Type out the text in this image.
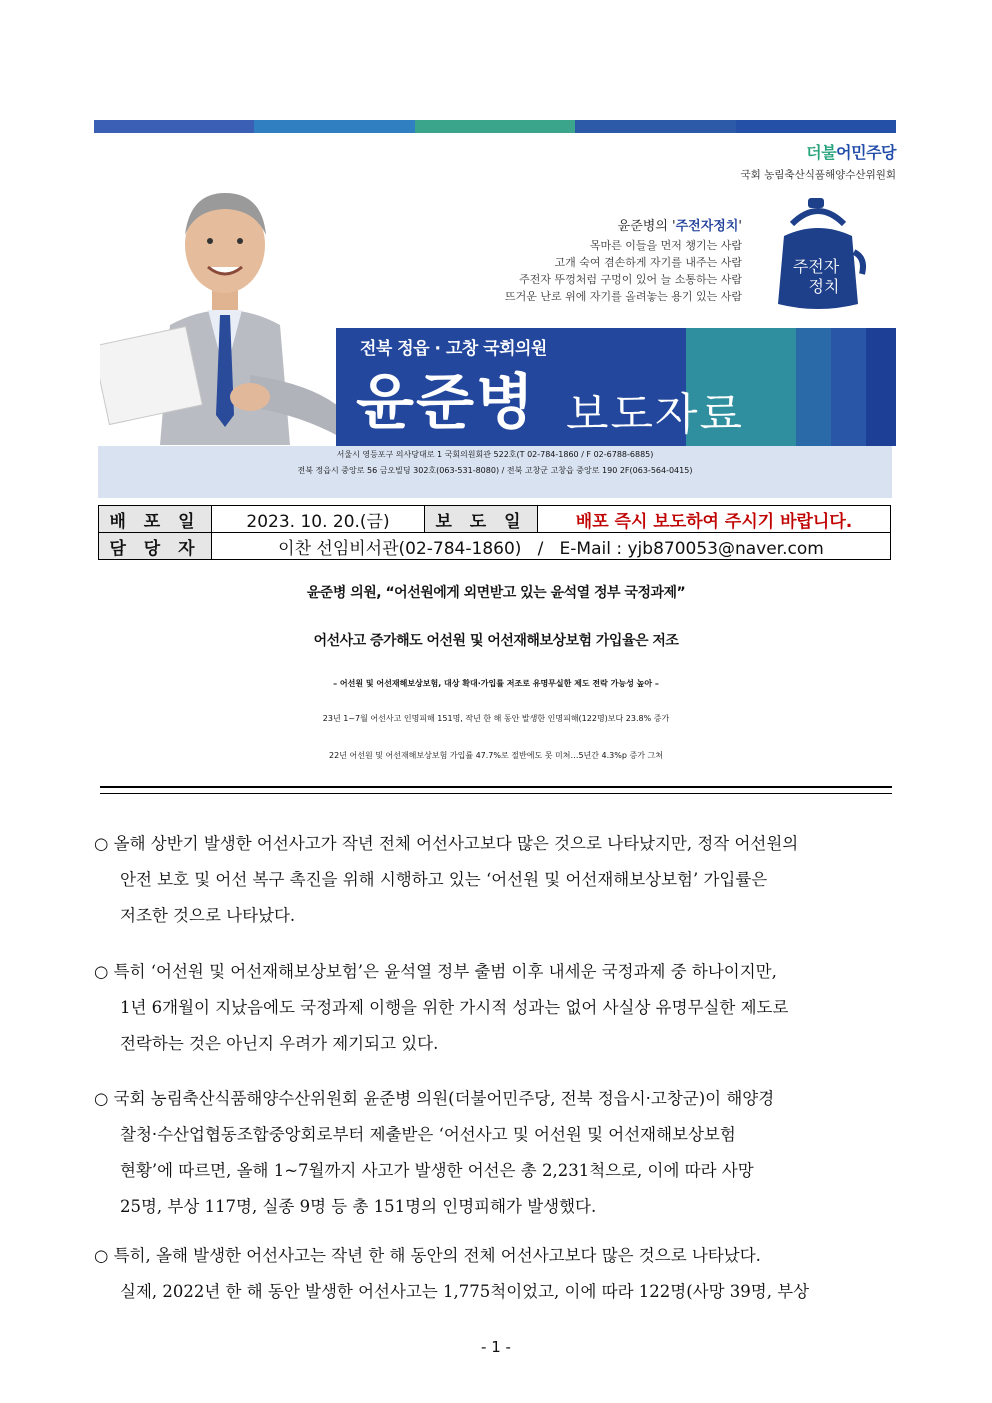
더불어민주당
국회 농림축산식품해양수산위원회
윤준병의 '주전자정치'
목마른 이들을 먼저 챙기는 사람
고개 숙여 겸손하게 자기를 내주는 사람
주전자 뚜껑처럼 구멍이 있어 늘 소통하는 사람
뜨거운 난로 위에 자기를 올려놓는 용기 있는 사람
주전자
정치
전북 정읍 · 고창 국회의원
윤준병 보도자료
서울시 영등포구 의사당대로 1 국회의원회관 522호(T 02-784-1860 / F 02-6788-6885)
전북 정읍시 중앙로 56 금오빌딩 302호(063-531-8080) / 전북 고창군 고창읍 중앙로 190 2F(063-564-0415)
배 포 일	2023. 10. 20.(금)	보 도 일	배포 즉시 보도하여 주시기 바랍니다.
담 당 자	이찬 선임비서관(02-784-1860)   /   E-Mail : yjb870053@naver.com		
윤준병 의원, “어선원에게 외면받고 있는 윤석열 정부 국정과제”
어선사고 증가해도 어선원 및 어선재해보상보험 가입율은 저조
– 어선원 및 어선재해보상보험, 대상 확대·가입률 저조로 유명무실한 제도 전락 가능성 높아 –
23년 1~7월 어선사고 인명피해 151명, 작년 한 해 동안 발생한 인명피해(122명)보다 23.8% 증가
22년 어선원 및 어선재해보상보험 가입률 47.7%로 절반에도 못 미쳐…5년간 4.3%p 증가 그쳐
○ 올해 상반기 발생한 어선사고가 작년 전체 어선사고보다 많은 것으로 나타났지만, 정작 어선원의
안전 보호 및 어선 복구 촉진을 위해 시행하고 있는 ‘어선원 및 어선재해보상보험’ 가입률은
저조한 것으로 나타났다.
○ 특히 ‘어선원 및 어선재해보상보험’은 윤석열 정부 출범 이후 내세운 국정과제 중 하나이지만,
1년 6개월이 지났음에도 국정과제 이행을 위한 가시적 성과는 없어 사실상 유명무실한 제도로
전락하는 것은 아닌지 우려가 제기되고 있다.
○ 국회 농림축산식품해양수산위원회 윤준병 의원(더불어민주당, 전북 정읍시·고창군)이 해양경
찰청·수산업협동조합중앙회로부터 제출받은 ‘어선사고 및 어선원 및 어선재해보상보험
현황’에 따르면, 올해 1~7월까지 사고가 발생한 어선은 총 2,231척으로, 이에 따라 사망
25명, 부상 117명, 실종 9명 등 총 151명의 인명피해가 발생했다.
○ 특히, 올해 발생한 어선사고는 작년 한 해 동안의 전체 어선사고보다 많은 것으로 나타났다.
실제, 2022년 한 해 동안 발생한 어선사고는 1,775척이었고, 이에 따라 122명(사망 39명, 부상
- 1 -
